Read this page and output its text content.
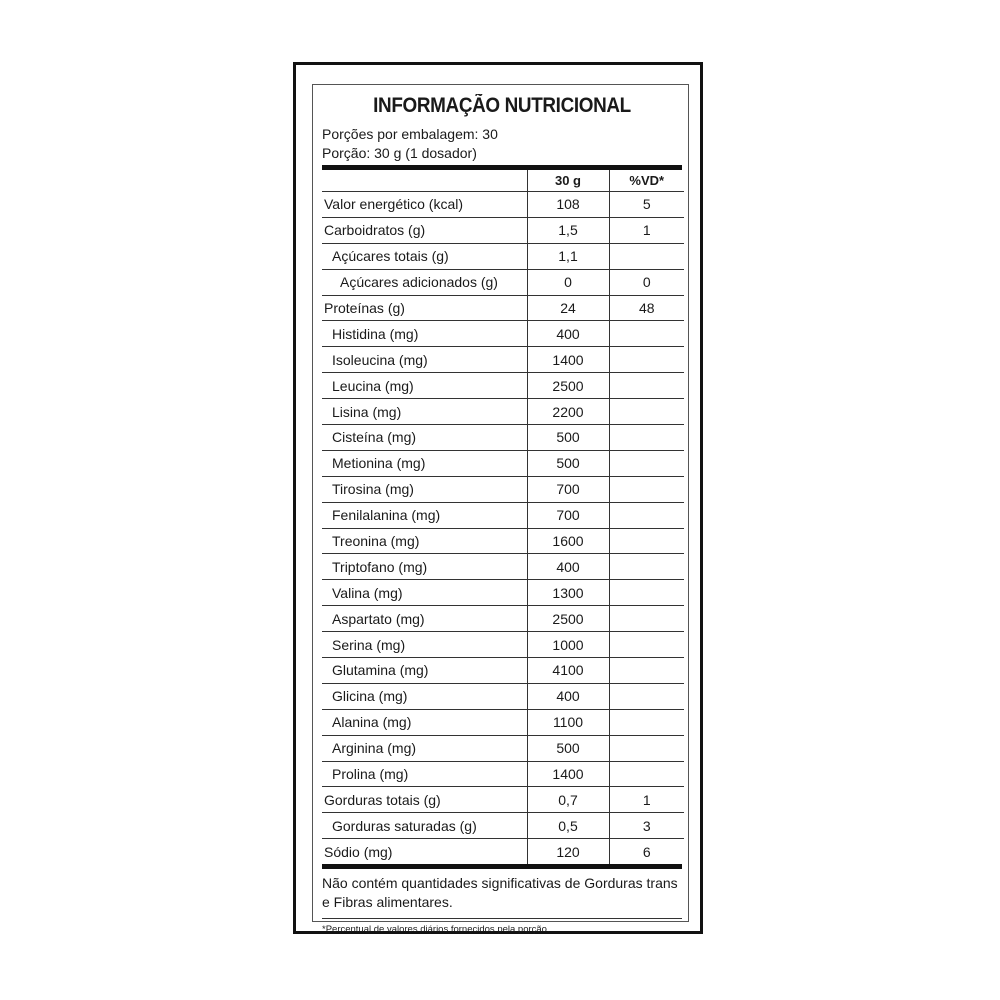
INFORMAÇÃO NUTRICIONAL
Porções por embalagem: 30
Porção: 30 g (1 dosador)
	30 g	%VD*
Valor energético (kcal)	108	5
Carboidratos (g)	1,5	1
Açúcares totais (g)	1,1	
Açúcares adicionados (g)	0	0
Proteínas (g)	24	48
Histidina (mg)	400	
Isoleucina (mg)	1400	
Leucina (mg)	2500	
Lisina (mg)	2200	
Cisteína (mg)	500	
Metionina (mg)	500	
Tirosina (mg)	700	
Fenilalanina (mg)	700	
Treonina (mg)	1600	
Triptofano (mg)	400	
Valina (mg)	1300	
Aspartato (mg)	2500	
Serina (mg)	1000	
Glutamina (mg)	4100	
Glicina (mg)	400	
Alanina (mg)	1100	
Arginina (mg)	500	
Prolina (mg)	1400	
Gorduras totais (g)	0,7	1
Gorduras saturadas (g)	0,5	3
Sódio (mg)	120	6
Não contém quantidades significativas de Gorduras trans e Fibras alimentares.
*Percentual de valores diários fornecidos pela porção.
